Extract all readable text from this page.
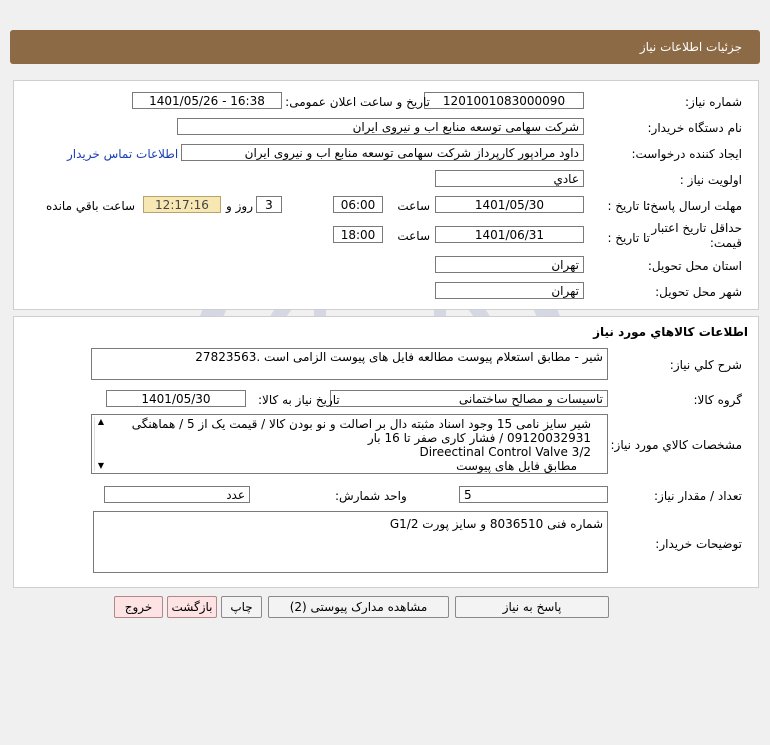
جزئیات اطلاعات نیاز
شماره نیاز:
1201001083000090
تاریخ و ساعت اعلان عمومی:
1401/05/26 - 16:38
نام دستگاه خریدار:
شرکت سهامی توسعه منابع اب و نیروی ایران
ایجاد کننده درخواست:
داود مرادپور کارپرداز شرکت سهامی توسعه منابع اب و نیروی ایران
اطلاعات تماس خریدار
اولویت نیاز :
عادي
مهلت ارسال پاسخ:
تا تاریخ :
1401/05/30
ساعت
06:00
3
روز و
12:17:16
ساعت باقي مانده
حداقل تاریخ اعتبار
قیمت:
تا تاریخ :
1401/06/31
ساعت
18:00
استان محل تحویل:
تهران
شهر محل تحویل:
تهران
اطلاعات کالاهاي مورد نیاز
شرح کلي نیاز:
شیر - مطابق استعلام پیوست مطالعه فایل های پیوست الزامی است .27823563
گروه کالا:
تاسیسات و مصالح ساختمانی
تاریخ نیاز به کالا:
1401/05/30
مشخصات کالاي مورد نیاز:
شیر سایز نامی 15 وجود اسناد مثبته دال بر اصالت و نو بودن کالا / قیمت یک از 5 / هماهنگی
09120032931 / فشار کاری صفر تا 16 بار
Direectinal Control Valve 3/2
مطابق فایل های پیوست
▲
▼
تعداد / مقدار نیاز:
5
واحد شمارش:
عدد
توضیحات خریدار:
شماره فنی 8036510 و سایز پورت G1/2
پاسخ به نیاز
مشاهده مدارک پیوستی (2)
چاپ
بازگشت
خروج
